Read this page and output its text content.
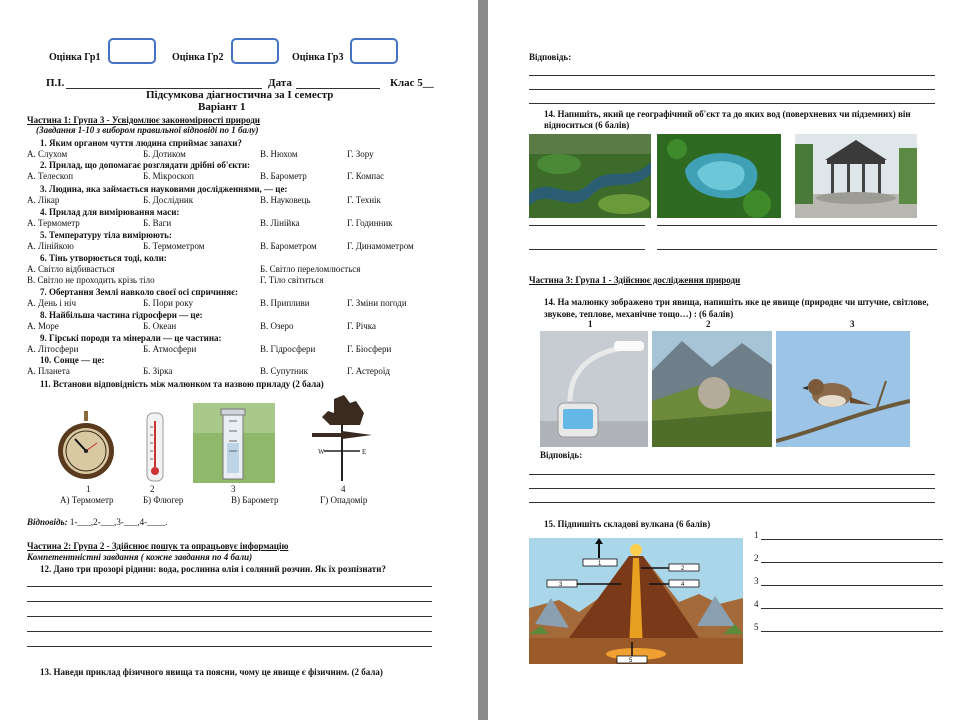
Оцінка Гр1	Оцінка Гр2	Оцінка Гр3
П.І.	Дата	Клас 5__
Підсумкова діагностична за І семестр
Варіант 1
Частина 1: Група 3 - Усвідомлює закономірності природи
(Завдання 1-10 з вибором правильної відповіді по 1 балу)
1. Яким органом чуття людина сприймає запахи?
А. Слухом	Б. Дотиком	В. Нюхом	Г. Зору
2. Прилад, що допомагає розглядати дрібні об'єкти:
А. Телескоп	Б. Мікроскоп	В. Барометр	Г. Компас
3. Людина, яка займається науковими дослідженнями, — це:
А. Лікар	Б. Дослідник	В. Науковець	Г. Технік
4. Прилад для вимірювання маси:
А. Термометр	Б. Ваги	В. Лінійка	Г. Годинник
5. Температуру тіла вимірюють:
А. Лінійкою	Б. Термометром	В. Барометром	Г. Динамометром
6. Тінь утворюється тоді, коли:
А. Світло відбивається	Б. Світло переломлюється
В. Світло не проходить крізь тіло	Г. Тіло світиться
7. Обертання Землі навколо своєї осі спричиняє:
А. День і ніч	Б. Пори року	В. Припливи	Г. Зміни погоди
8. Найбільша частина гідросфери — це:
А. Море	Б. Океан	В. Озеро	Г. Річка
9. Гірські породи та мінерали — це частина:
А. Літосфери	Б. Атмосфери	В. Гідросфери	Г. Біосфери
10. Сонце — це:
А. Планета	Б. Зірка	В. Супутник	Г. Астероїд
11. Встанови відповідність між малюнком та назвою приладу (2 бала)
W	E
1	2	3	4
А) Термометр	Б) Флюгер	В) Барометр	Г) Опадомір
Відповідь: 1-___,2-___,3-___,4-____.
Частина 2: Група 2 - Здійснює пошук та опрацьовує інформацію
Компетентністні завдання ( кожне завдання по 4 бали)
12. Дано три прозорі рідини: вода, рослинна олія і соляний розчин. Як їх розпізнати?
13. Наведи приклад фізичного явища та поясни, чому це явище є фізичним. (2 бала)
Відповідь:
14. Напишіть, який це географічний об'єкт та до яких вод (поверхневих чи підземних) він відноситься (6 балів)
Частина 3: Група 1 - Здійснює дослідження природи
14. На малюнку зображено три явища, напишіть яке це явище (природнє чи штучне, світлове, звукове, теплове, механічне тощо…) : (6 балів)
1	2	3
Відповідь:
15. Підпишіть складові вулкана (6 балів)
1
2
3	4
5
1
2
3
4
5
